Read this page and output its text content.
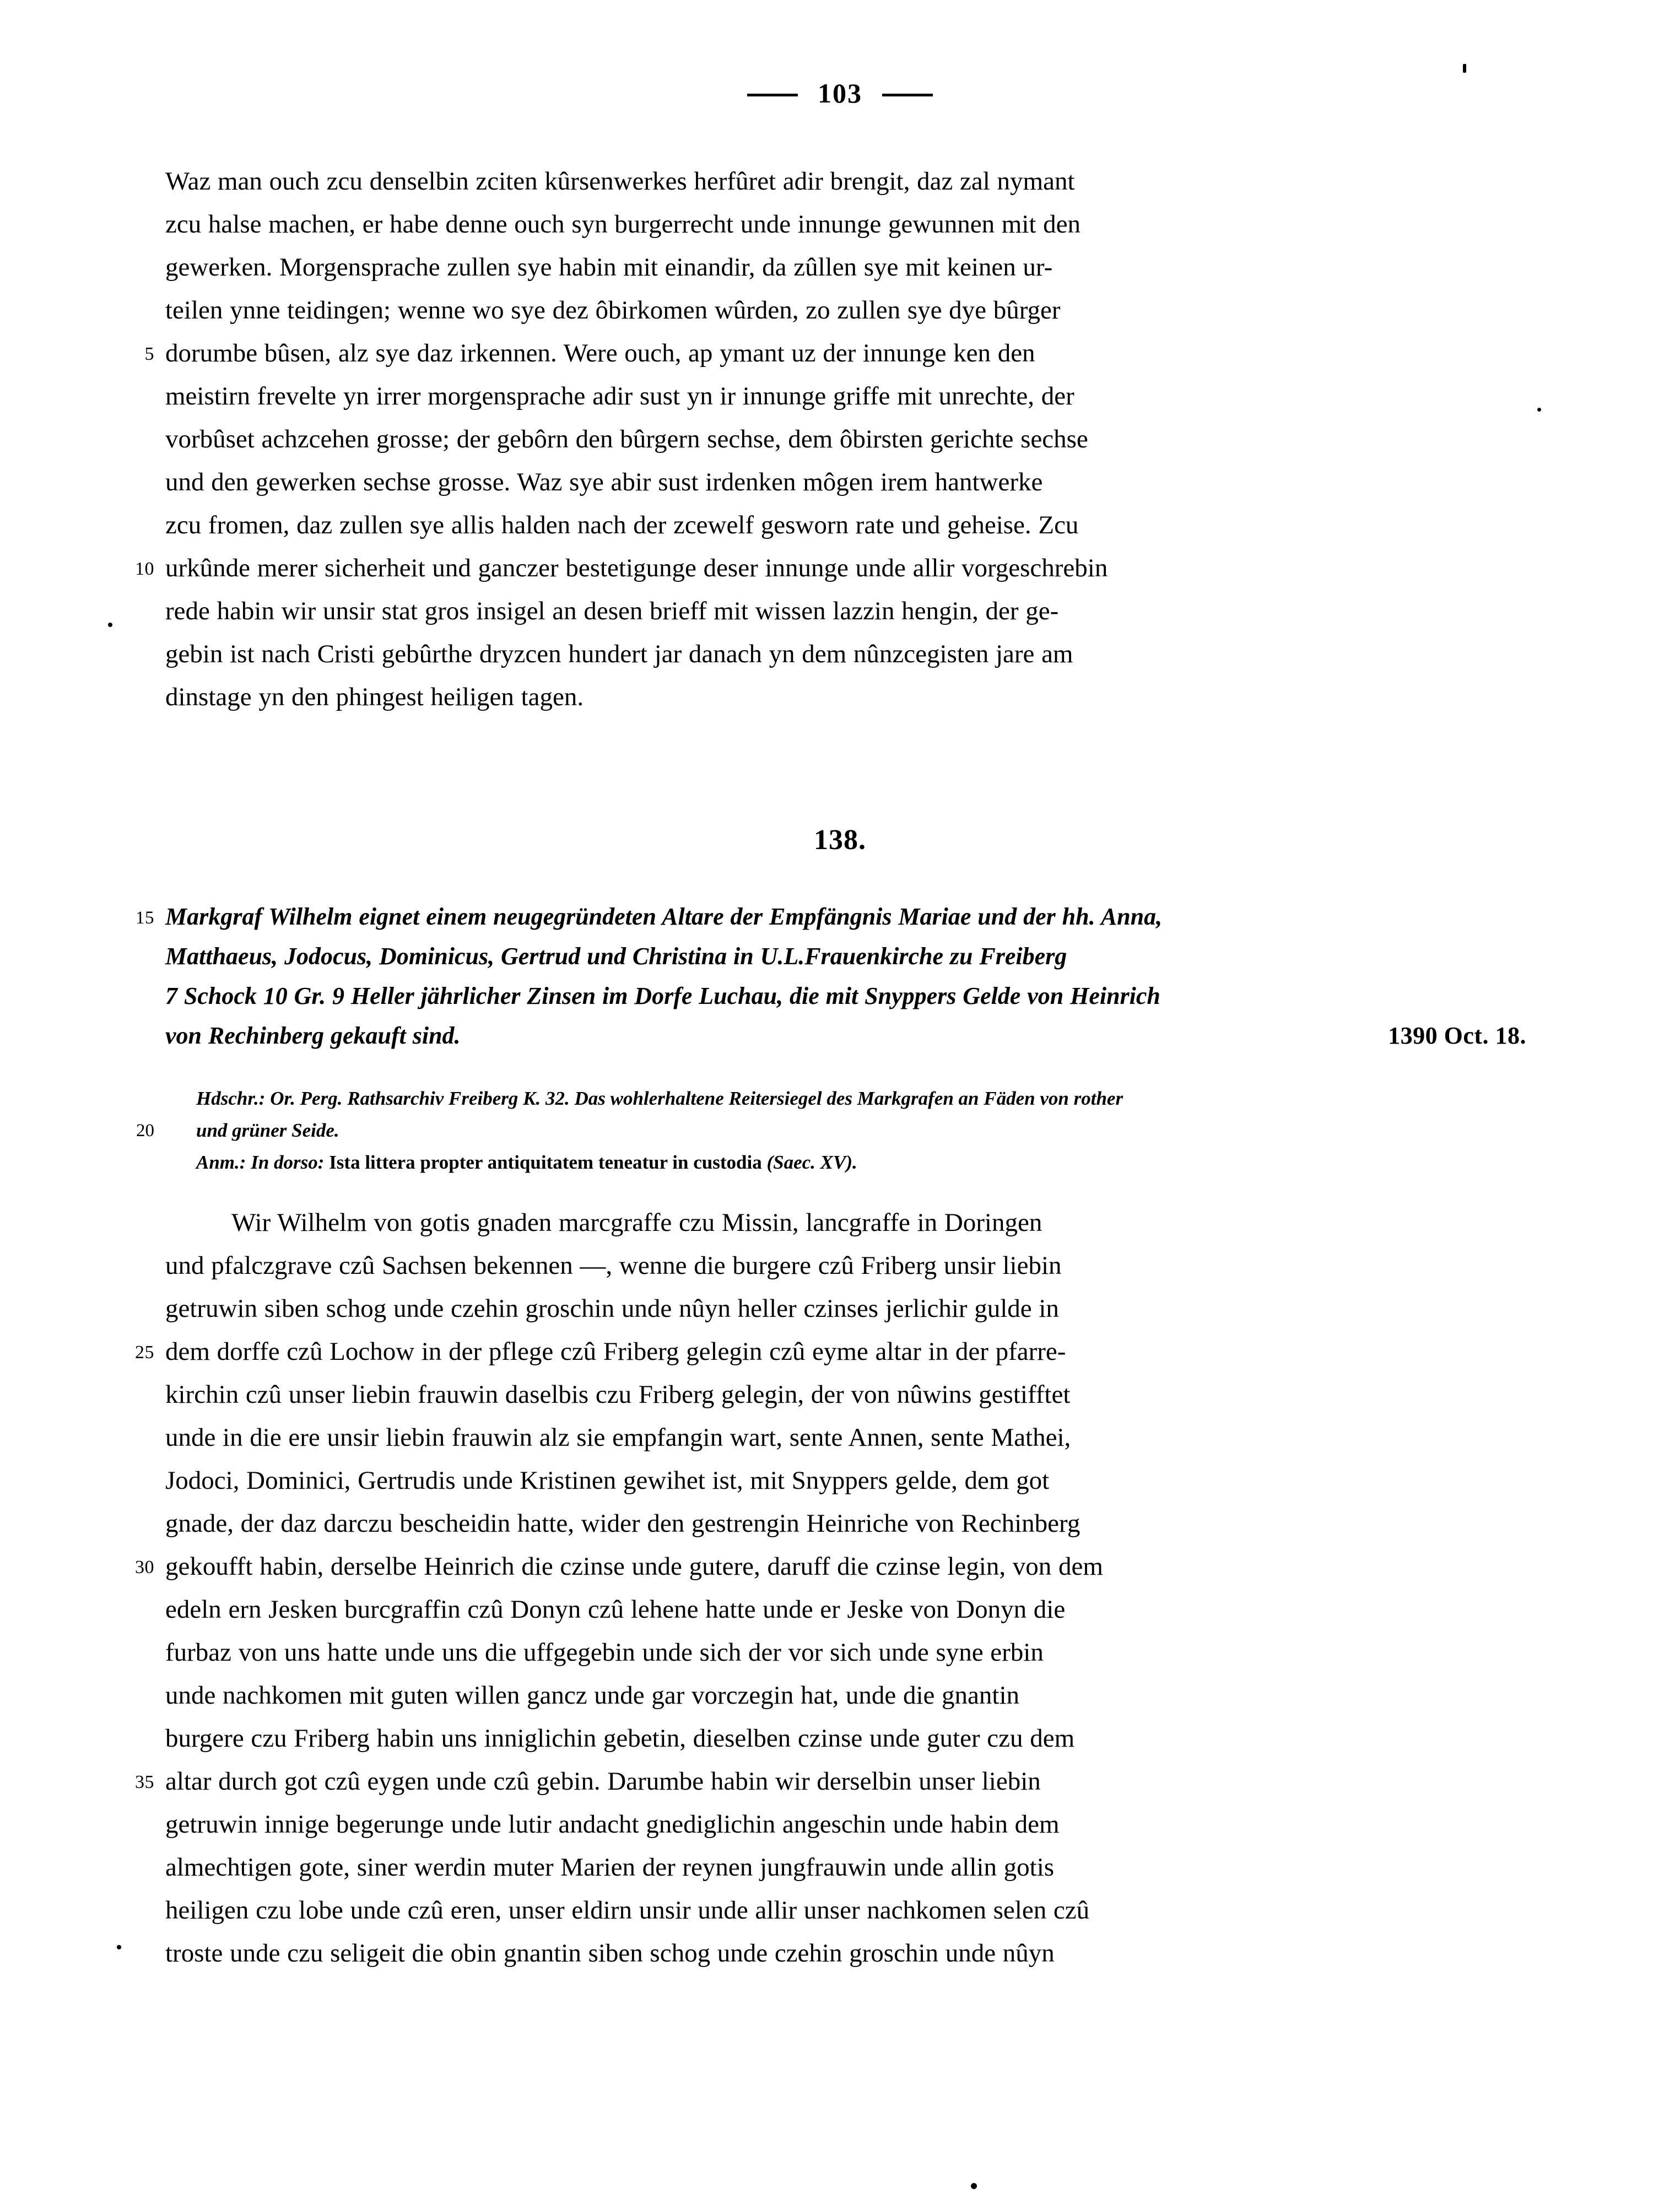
103
Waz man ouch zcu denselbin zciten kûrsenwerkes herfûret adir brengit, daz zal nymant
zcu halse machen, er habe denne ouch syn burgerrecht unde innunge gewunnen mit den
gewerken. Morgensprache zullen sye habin mit einandir, da zûllen sye mit keinen ur-
teilen ynne teidingen; wenne wo sye dez ôbirkomen wûrden, zo zullen sye dye bûrger
5 dorumbe bûsen, alz sye daz irkennen. Were ouch, ap ymant uz der innunge ken den
meistirn frevelte yn irrer morgensprache adir sust yn ir innunge griffe mit unrechte, der
vorbûset achzcehen grosse; der gebôrn den bûrgern sechse, dem ôbirsten gerichte sechse
und den gewerken sechse grosse. Waz sye abir sust irdenken môgen irem hantwerke
zcu fromen, daz zullen sye allis halden nach der zcewelf gesworn rate und geheise. Zcu
10 urkûnde merer sicherheit und ganczer bestetigunge deser innunge unde allir vorgeschrebin
rede habin wir unsir stat gros insigel an desen brieff mit wissen lazzin hengin, der ge-
gebin ist nach Cristi gebûrthe dryzcen hundert jar danach yn dem nûnzcegisten jare am
dinstage yn den phingest heiligen tagen.
138.
15 Markgraf Wilhelm eignet einem neugegründeten Altare der Empfängnis Mariae und der hh. Anna,
Matthaeus, Jodocus, Dominicus, Gertrud und Christina in U.L.Frauenkirche zu Freiberg
7 Schock 10 Gr. 9 Heller jährlicher Zinsen im Dorfe Luchau, die mit Snyppers Gelde von Heinrich
von Rechinberg gekauft sind.	1390 Oct. 18.
Hdschr.: Or. Perg. Rathsarchiv Freiberg K. 32. Das wohlerhaltene Reitersiegel des Markgrafen an Fäden von rother
20 und grüner Seide.
Anm.: In dorso: Ista littera propter antiquitatem teneatur in custodia (Saec. XV).
Wir Wilhelm von gotis gnaden marcgraffe czu Missin, lancgraffe in Doringen
und pfalczgrave czû Sachsen bekennen —, wenne die burgere czû Friberg unsir liebin
getruwin siben schog unde czehin groschin unde nûyn heller czinses jerlichir gulde in
25 dem dorffe czû Lochow in der pflege czû Friberg gelegin czû eyme altar in der pfarre-
kirchin czû unser liebin frauwin daselbis czu Friberg gelegin, der von nûwins gestifftet
unde in die ere unsir liebin frauwin alz sie empfangin wart, sente Annen, sente Mathei,
Jodoci, Dominici, Gertrudis unde Kristinen gewihet ist, mit Snyppers gelde, dem got
gnade, der daz darczu bescheidin hatte, wider den gestrengin Heinriche von Rechinberg
30 gekoufft habin, derselbe Heinrich die czinse unde gutere, daruff die czinse legin, von dem
edeln ern Jesken burcgraffin czû Donyn czû lehene hatte unde er Jeske von Donyn die
furbaz von uns hatte unde uns die uffgegebin unde sich der vor sich unde syne erbin
unde nachkomen mit guten willen gancz unde gar vorczegin hat, unde die gnantin
burgere czu Friberg habin uns inniglichin gebetin, dieselben czinse unde guter czu dem
35 altar durch got czû eygen unde czû gebin. Darumbe habin wir derselbin unser liebin
getruwin innige begerunge unde lutir andacht gnediglichin angeschin unde habin dem
almechtigen gote, siner werdin muter Marien der reynen jungfrauwin unde allin gotis
heiligen czu lobe unde czû eren, unser eldirn unsir unde allir unser nachkomen selen czû
troste unde czu seligeit die obin gnantin siben schog unde czehin groschin unde nûyn
